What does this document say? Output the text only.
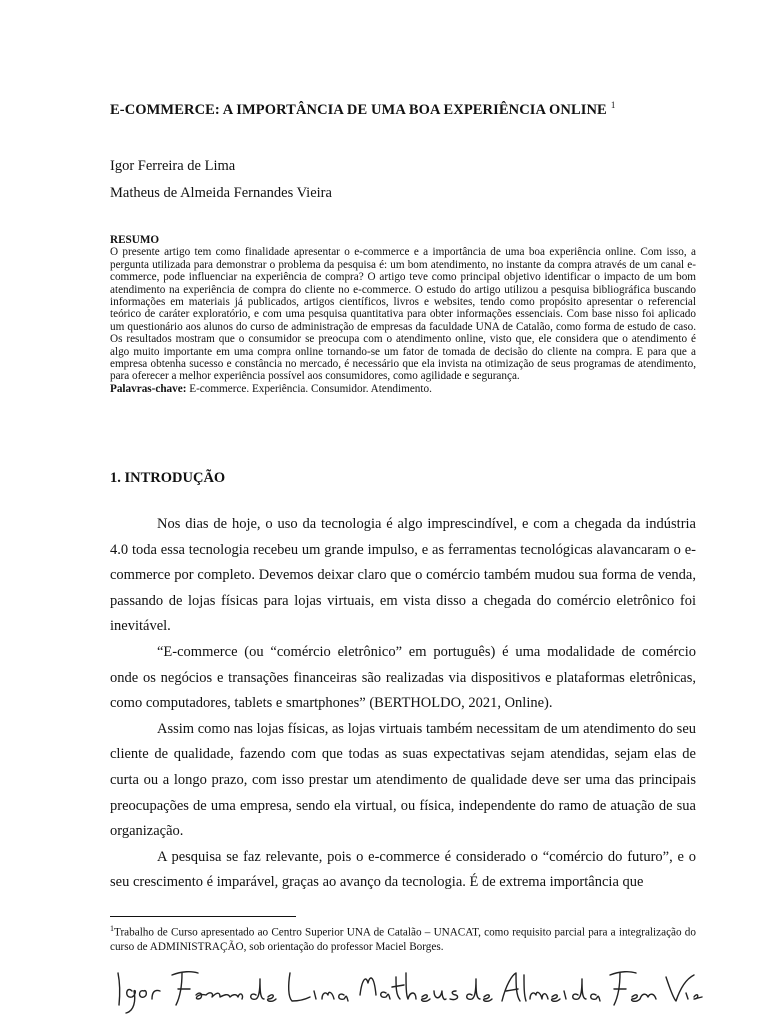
E-COMMERCE: A IMPORTÂNCIA DE UMA BOA EXPERIÊNCIA ONLINE $^1$
Igor Ferreira de Lima
Matheus de Almeida Fernandes Vieira
RESUMO
O presente artigo tem como finalidade apresentar o e-commerce e a importância de uma boa experiência online. Com isso, a pergunta utilizada para demonstrar o problema da pesquisa é: um bom atendimento, no instante da compra através de um canal e-commerce, pode influenciar na experiência de compra? O artigo teve como principal objetivo identificar o impacto de um bom atendimento na experiência de compra do cliente no e-commerce. O estudo do artigo utilizou a pesquisa bibliográfica buscando informações em materiais já publicados, artigos científicos, livros e websites, tendo como propósito apresentar o referencial teórico de caráter exploratório, e com uma pesquisa quantitativa para obter informações essenciais. Com base nisso foi aplicado um questionário aos alunos do curso de administração de empresas da faculdade UNA de Catalão, como forma de estudo de caso. Os resultados mostram que o consumidor se preocupa com o atendimento online, visto que, ele considera que o atendimento é algo muito importante em uma compra online tornando-se um fator de tomada de decisão do cliente na compra. E para que a empresa obtenha sucesso e constância no mercado, é necessário que ela invista na otimização de seus programas de atendimento, para oferecer a melhor experiência possível aos consumidores, como agilidade e segurança.
Palavras-chave: E-commerce. Experiência. Consumidor. Atendimento.
1. INTRODUÇÃO

Nos dias de hoje, o uso da tecnologia é algo imprescindível, e com a chegada da indústria 4.0 toda essa tecnologia recebeu um grande impulso, e as ferramentas tecnológicas alavancaram o e-commerce por completo. Devemos deixar claro que o comércio também mudou sua forma de venda, passando de lojas físicas para lojas virtuais, em vista disso a chegada do comércio eletrônico foi inevitável.

“E-commerce (ou “comércio eletrônico” em português) é uma modalidade de comércio onde os negócios e transações financeiras são realizadas via dispositivos e plataformas eletrônicas, como computadores, tablets e smartphones” (BERTHOLDO, 2021, Online).

Assim como nas lojas físicas, as lojas virtuais também necessitam de um atendimento do seu cliente de qualidade, fazendo com que todas as suas expectativas sejam atendidas, sejam elas de curta ou a longo prazo, com isso prestar um atendimento de qualidade deve ser uma das principais preocupações de uma empresa, sendo ela virtual, ou física, independente do ramo de atuação de sua organização.

A pesquisa se faz relevante, pois o e-commerce é considerado o “comércio do futuro”, e o seu crescimento é imparável, graças ao avanço da tecnologia. É de extrema importância que

$^1$Trabalho de Curso apresentado ao Centro Superior UNA de Catalão – UNACAT, como requisito parcial para a integralização do curso de ADMINISTRAÇÃO, sob orientação do professor Maciel Borges.
